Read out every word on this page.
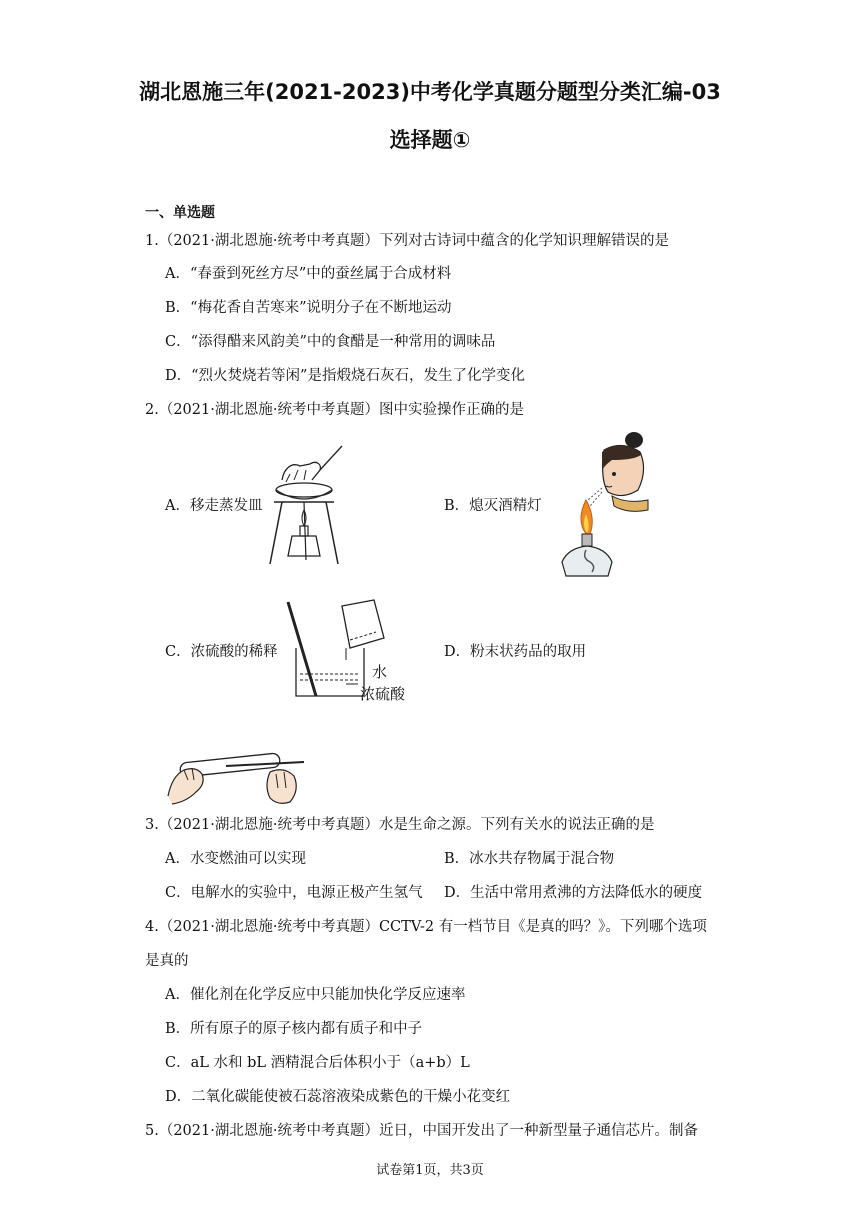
湖北恩施三年(2021-2023)中考化学真题分题型分类汇编-03
选择题①
一、单选题
1.（2021·湖北恩施·统考中考真题）下列对古诗词中蕴含的化学知识理解错误的是
A．“春蚕到死丝方尽”中的蚕丝属于合成材料
B．“梅花香自苦寒来”说明分子在不断地运动
C．“添得醋来风韵美”中的食醋是一种常用的调味品
D．“烈火焚烧若等闲”是指煅烧石灰石，发生了化学变化
2.（2021·湖北恩施·统考中考真题）图中实验操作正确的是
A．移走蒸发皿	B．熄灭酒精灯
C．浓硫酸的稀释
水
浓硫酸
D．粉末状药品的取用
3.（2021·湖北恩施·统考中考真题）水是生命之源。下列有关水的说法正确的是
A．水变燃油可以实现	B．冰水共存物属于混合物
C．电解水的实验中，电源正极产生氢气 D．生活中常用煮沸的方法降低水的硬度
4.（2021·湖北恩施·统考中考真题）CCTV-2 有一档节目《是真的吗？》。下列哪个选项
是真的
A．催化剂在化学反应中只能加快化学反应速率
B．所有原子的原子核内都有质子和中子
C．aL 水和 bL 酒精混合后体积小于（a+b）L
D．二氧化碳能使被石蕊溶液染成紫色的干燥小花变红
5.（2021·湖北恩施·统考中考真题）近日，中国开发出了一种新型量子通信芯片。制备
试卷第1页，共3页
